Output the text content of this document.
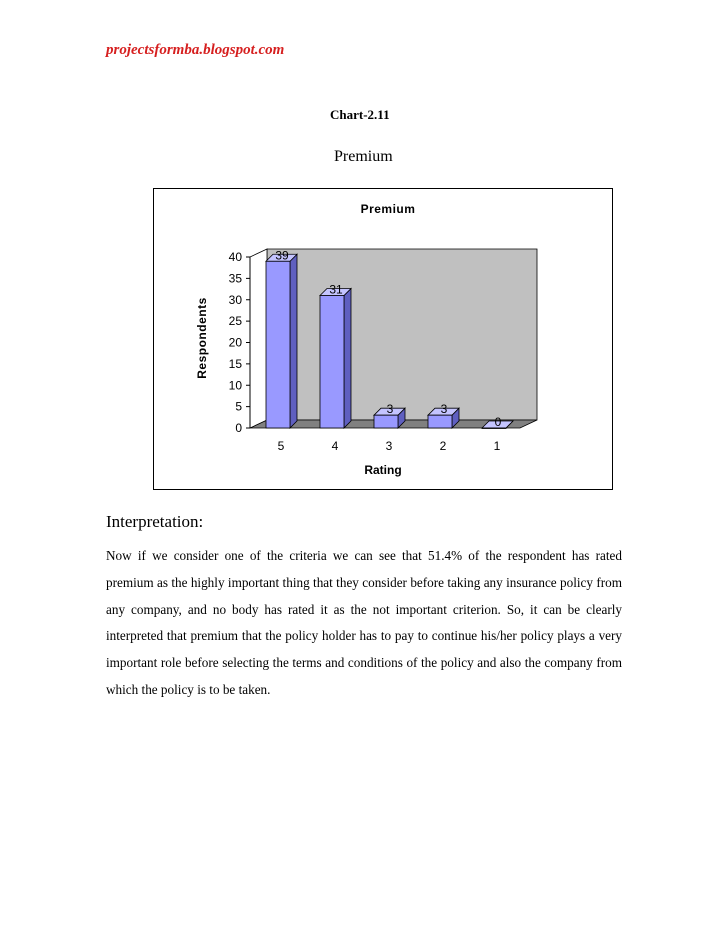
projectsformba.blogspot.com
Chart-2.11
Premium
Premium
Respondents
Rating
0
5
10
15
20
25
30
35
40	39
5
31
4
3
3
3
2
0
1
Interpretation:
Now if we consider one of the criteria we can see that 51.4% of the respondent has rated premium as the highly important thing that they consider before taking any insurance policy from any company, and no body has rated it as the not important criterion. So, it can be clearly interpreted that premium that the policy holder has to pay to continue his/her policy plays a very important role before selecting the terms and conditions of the policy and also the company from which the policy is to be taken.
